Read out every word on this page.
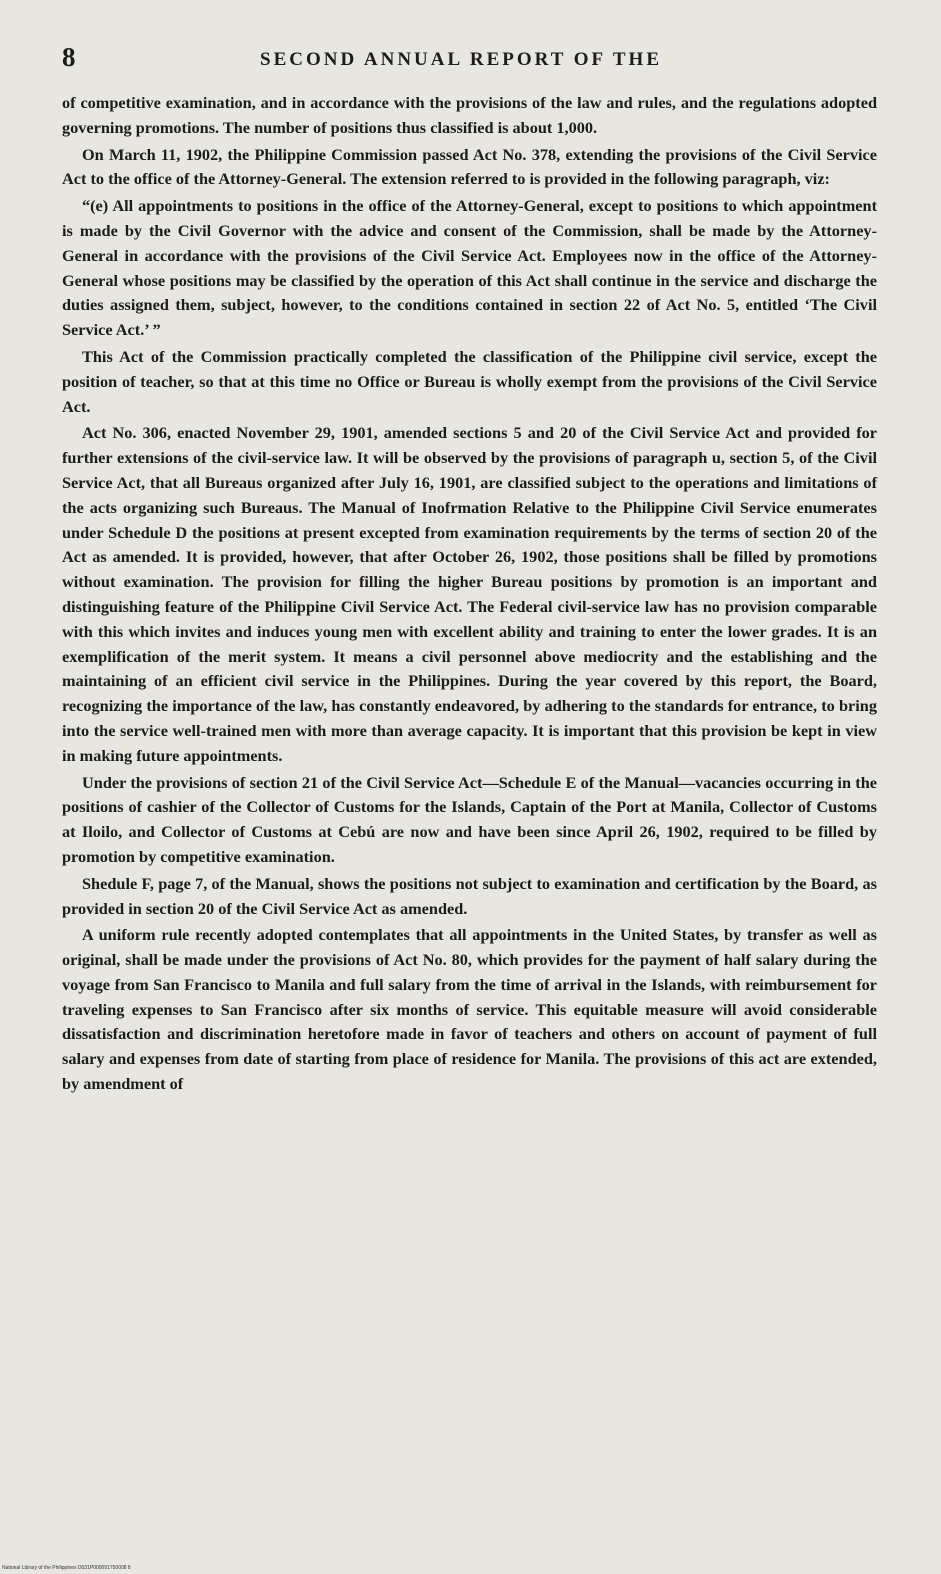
8	SECOND ANNUAL REPORT OF THE

of competitive examination, and in accordance with the provisions of the law and rules, and the regulations adopted governing promotions. The number of positions thus classified is about 1,000.

On March 11, 1902, the Philippine Commission passed Act No. 378, extending the provisions of the Civil Service Act to the office of the Attorney-General. The extension referred to is provided in the following paragraph, viz:

“(e) All appointments to positions in the office of the Attorney-General, except to positions to which appointment is made by the Civil Governor with the advice and consent of the Commission, shall be made by the Attorney-General in accordance with the provisions of the Civil Service Act. Employees now in the office of the Attorney-General whose positions may be classified by the operation of this Act shall continue in the service and discharge the duties assigned them, subject, however, to the conditions contained in section 22 of Act No. 5, entitled ‘The Civil Service Act.’ ”

This Act of the Commission practically completed the classification of the Philippine civil service, except the position of teacher, so that at this time no Office or Bureau is wholly exempt from the provisions of the Civil Service Act.

Act No. 306, enacted November 29, 1901, amended sections 5 and 20 of the Civil Service Act and provided for further extensions of the civil-service law. It will be observed by the provisions of paragraph u, section 5, of the Civil Service Act, that all Bureaus organized after July 16, 1901, are classified subject to the operations and limitations of the acts organizing such Bureaus. The Manual of Inofrmation Relative to the Philippine Civil Service enumerates under Schedule D the positions at present excepted from examination requirements by the terms of section 20 of the Act as amended. It is provided, however, that after October 26, 1902, those positions shall be filled by promotions without examination. The provision for filling the higher Bureau positions by promotion is an important and distinguishing feature of the Philippine Civil Service Act. The Federal civil-service law has no provision comparable with this which invites and induces young men with excellent ability and training to enter the lower grades. It is an exemplification of the merit system. It means a civil personnel above mediocrity and the establishing and the maintaining of an efficient civil service in the Philippines. During the year covered by this report, the Board, recognizing the importance of the law, has constantly endeavored, by adhering to the standards for entrance, to bring into the service well-trained men with more than average capacity. It is important that this provision be kept in view in making future appointments.

Under the provisions of section 21 of the Civil Service Act—Schedule E of the Manual—vacancies occurring in the positions of cashier of the Collector of Customs for the Islands, Captain of the Port at Manila, Collector of Customs at Iloilo, and Collector of Customs at Cebú are now and have been since April 26, 1902, required to be filled by promotion by competitive examination.

Shedule F, page 7, of the Manual, shows the positions not subject to examination and certification by the Board, as provided in section 20 of the Civil Service Act as amended.

A uniform rule recently adopted contemplates that all appointments in the United States, by transfer as well as original, shall be made under the provisions of Act No. 80, which provides for the payment of half salary during the voyage from San Francisco to Manila and full salary from the time of arrival in the Islands, with reimbursement for traveling expenses to San Francisco after six months of service. This equitable measure will avoid considerable dissatisfaction and discrimination heretofore made in favor of teachers and others on account of payment of full salary and expenses from date of starting from place of residence for Manila. The provisions of this act are extended, by amendment of

National Library of the Philippines D031P000091750008 8
